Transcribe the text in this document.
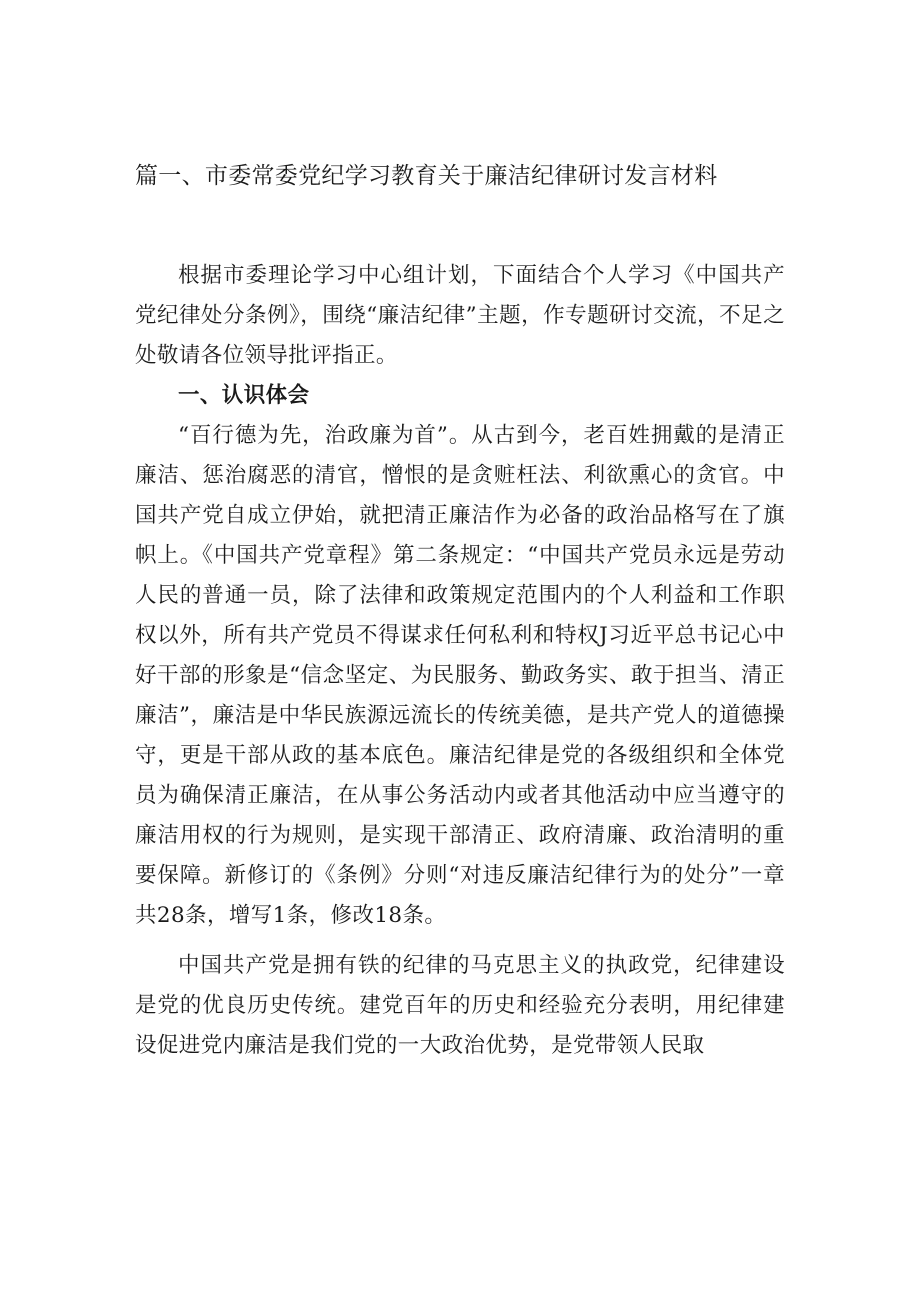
篇一、市委常委党纪学习教育关于廉洁纪律研讨发言材料

根据市委理论学习中心组计划，下面结合个人学习《中国共产党纪律处分条例》，围绕“廉洁纪律”主题，作专题研讨交流，不足之处敬请各位领导批评指正。

一、认识体会

“百行德为先，治政廉为首”。从古到今，老百姓拥戴的是清正廉洁、惩治腐恶的清官，憎恨的是贪赃枉法、利欲熏心的贪官。中国共产党自成立伊始，就把清正廉洁作为必备的政治品格写在了旗帜上。《中国共产党章程》第二条规定：“中国共产党员永远是劳动人民的普通一员，除了法律和政策规定范围内的个人利益和工作职权以外，所有共产党员不得谋求任何私利和特权J习近平总书记心中好干部的形象是“信念坚定、为民服务、勤政务实、敢于担当、清正廉洁”，廉洁是中华民族源远流长的传统美德，是共产党人的道德操守，更是干部从政的基本底色。廉洁纪律是党的各级组织和全体党员为确保清正廉洁，在从事公务活动内或者其他活动中应当遵守的廉洁用权的行为规则，是实现干部清正、政府清廉、政治清明的重要保障。新修订的《条例》分则“对违反廉洁纪律行为的处分”一章共28条，增写1条，修改18条。

中国共产党是拥有铁的纪律的马克思主义的执政党，纪律建设是党的优良历史传统。建党百年的历史和经验充分表明，用纪律建设促进党内廉洁是我们党的一大政治优势，是党带领人民取
